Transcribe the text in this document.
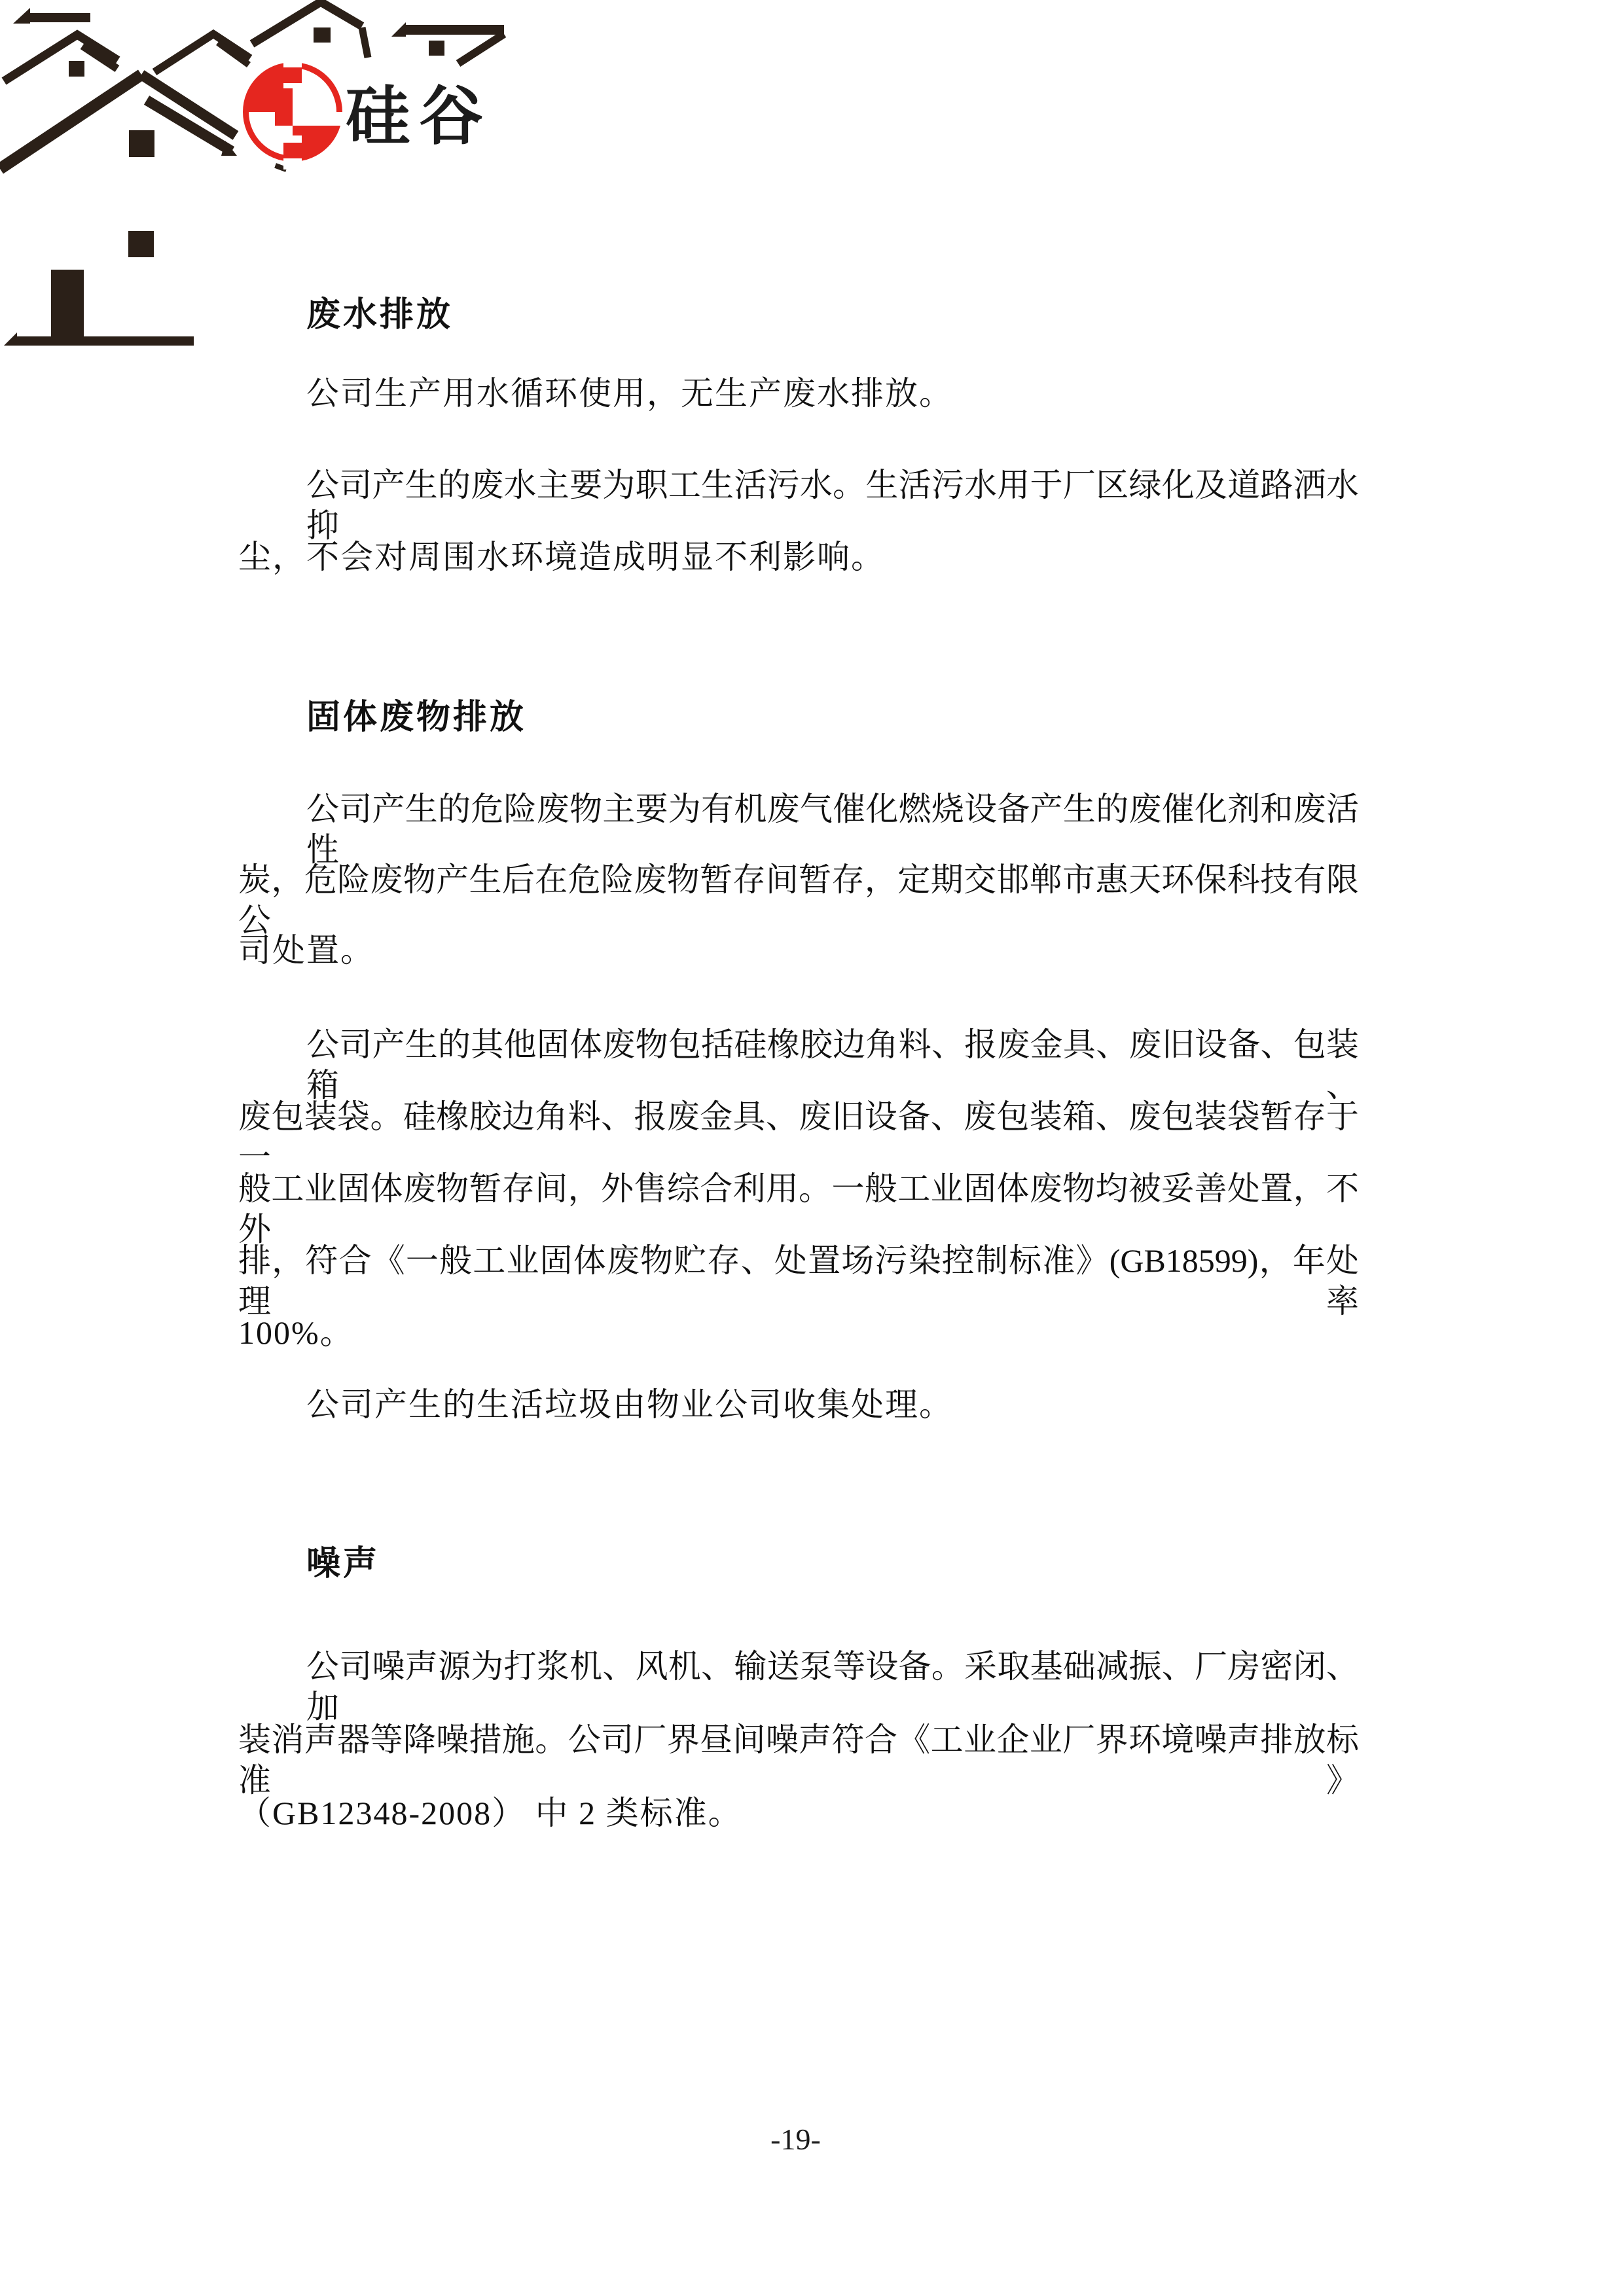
硅谷
废水排放
公司生产用水循环使用，无生产废水排放。
公司产生的废水主要为职工生活污水。生活污水用于厂区绿化及道路洒水抑
尘，不会对周围水环境造成明显不利影响。
固体废物排放
公司产生的危险废物主要为有机废气催化燃烧设备产生的废催化剂和废活性
炭，危险废物产生后在危险废物暂存间暂存，定期交邯郸市惠天环保科技有限公
司处置。
公司产生的其他固体废物包括硅橡胶边角料、报废金具、废旧设备、包装箱、
废包装袋。硅橡胶边角料、报废金具、废旧设备、废包装箱、废包装袋暂存于一
般工业固体废物暂存间，外售综合利用。一般工业固体废物均被妥善处置，不外
排，符合《一般工业固体废物贮存、处置场污染控制标准》(GB18599)，年处理率
100%。
公司产生的生活垃圾由物业公司收集处理。
噪声
公司噪声源为打浆机、风机、输送泵等设备。采取基础减振、厂房密闭、加
装消声器等降噪措施。公司厂界昼间噪声符合《工业企业厂界环境噪声排放标准》
（GB12348-2008） 中 2 类标准。
-19-
